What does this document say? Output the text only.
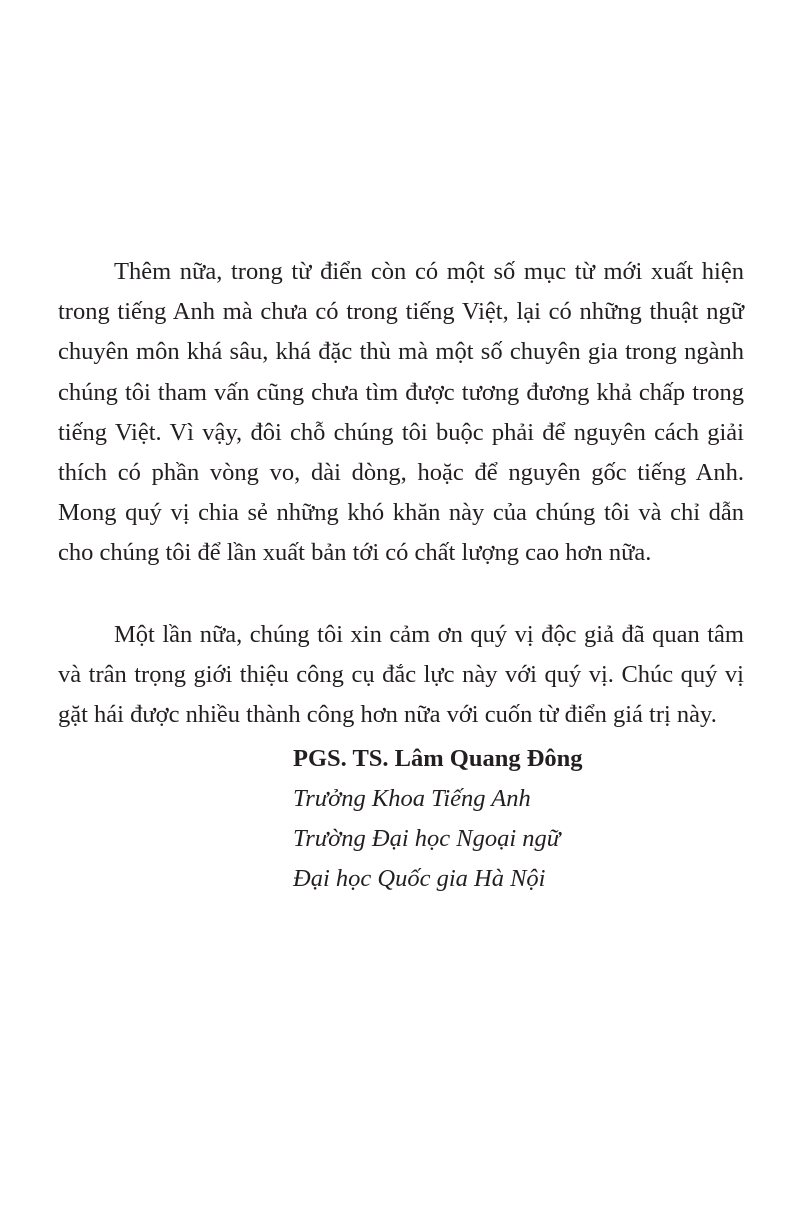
Thêm nữa, trong từ điển còn có một số mục từ mới xuất hiện trong tiếng Anh mà chưa có trong tiếng Việt, lại có những thuật ngữ chuyên môn khá sâu, khá đặc thù mà một số chuyên gia trong ngành chúng tôi tham vấn cũng chưa tìm được tương đương khả chấp trong tiếng Việt. Vì vậy, đôi chỗ chúng tôi buộc phải để nguyên cách giải thích có phần vòng vo, dài dòng, hoặc để nguyên gốc tiếng Anh. Mong quý vị chia sẻ những khó khăn này của chúng tôi và chỉ dẫn cho chúng tôi để lần xuất bản tới có chất lượng cao hơn nữa.

Một lần nữa, chúng tôi xin cảm ơn quý vị độc giả đã quan tâm và trân trọng giới thiệu công cụ đắc lực này với quý vị. Chúc quý vị gặt hái được nhiều thành công hơn nữa với cuốn từ điển giá trị này.

PGS. TS. Lâm Quang Đông
Trưởng Khoa Tiếng Anh
Trường Đại học Ngoại ngữ
Đại học Quốc gia Hà Nội
